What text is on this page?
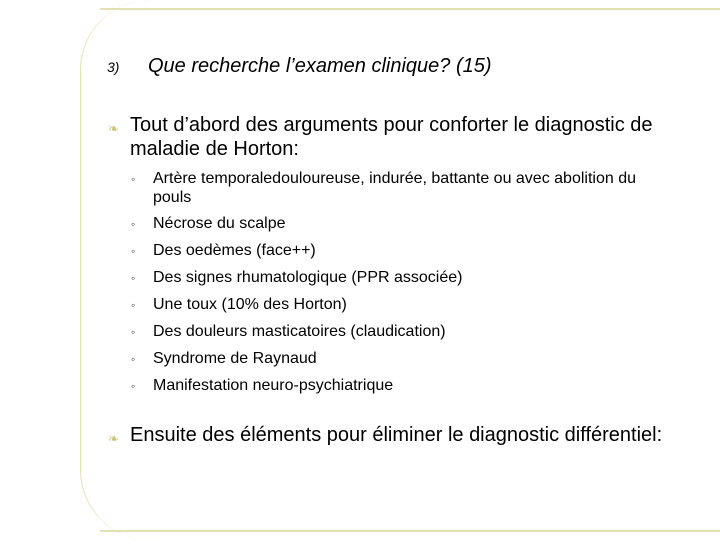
3) Que recherche l’examen clinique? (15)
❧ Tout d’abord des arguments pour conforter le diagnostic de maladie de Horton:
◦	Artère temporaledouloureuse, indurée, battante ou avec abolition du pouls
◦	Nécrose du scalpe
◦	Des oedèmes (face++)
◦	Des signes rhumatologique (PPR associée)
◦	Une toux (10% des Horton)
◦	Des douleurs masticatoires (claudication)
◦	Syndrome de Raynaud
◦	Manifestation neuro-psychiatrique
❧ Ensuite des éléments pour éliminer le diagnostic différentiel:
